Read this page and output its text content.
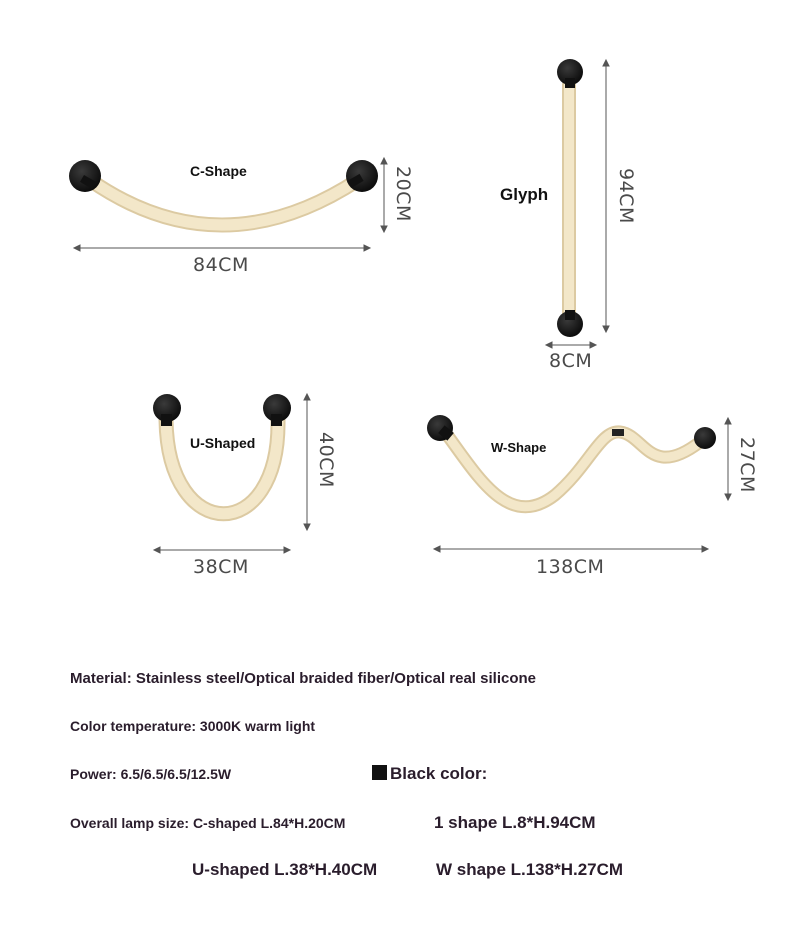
C-Shape
84CM
20CM	Glyph	94CM
8CM
U-Shaped	40CM
38CM
W-Shape	27CM
138CM
Material: Stainless steel/Optical braided fiber/Optical real silicone
Color temperature: 3000K warm light
Power: 6.5/6.5/6.5/12.5W	Black color:
Overall lamp size: C-shaped L.84*H.20CM	1 shape L.8*H.94CM
U-shaped L.38*H.40CM	W shape L.138*H.27CM
